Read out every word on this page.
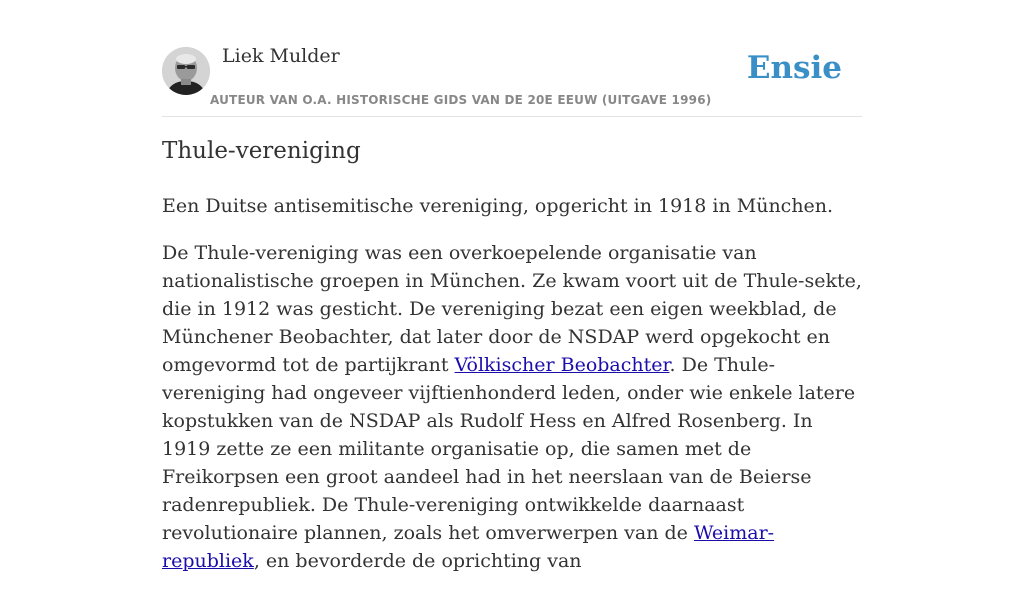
Liek Mulder
AUTEUR VAN O.A. HISTORISCHE GIDS VAN DE 20E EEUW (UITGAVE 1996)
Ensie
Thule-vereniging

Een Duitse antisemitische vereniging, opgericht in 1918 in München.

De Thule-vereniging was een overkoepelende organisatie van nationalistische groepen in München. Ze kwam voort uit de Thule-sekte, die in 1912 was gesticht. De vereniging bezat een eigen weekblad, de Münchener Beobachter, dat later door de NSDAP werd opgekocht en omgevormd tot de partijkrant Völkischer Beobachter. De Thule-vereniging had ongeveer vijftienhonderd leden, onder wie enkele latere kopstukken van de NSDAP als Rudolf Hess en Alfred Rosenberg. In 1919 zette ze een militante organisatie op, die samen met de Freikorpsen een groot aandeel had in het neerslaan van de Beierse radenrepubliek. De Thule-vereniging ontwikkelde daarnaast revolutionaire plannen, zoals het omverwerpen van de Weimar-republiek, en bevorderde de oprichting van
